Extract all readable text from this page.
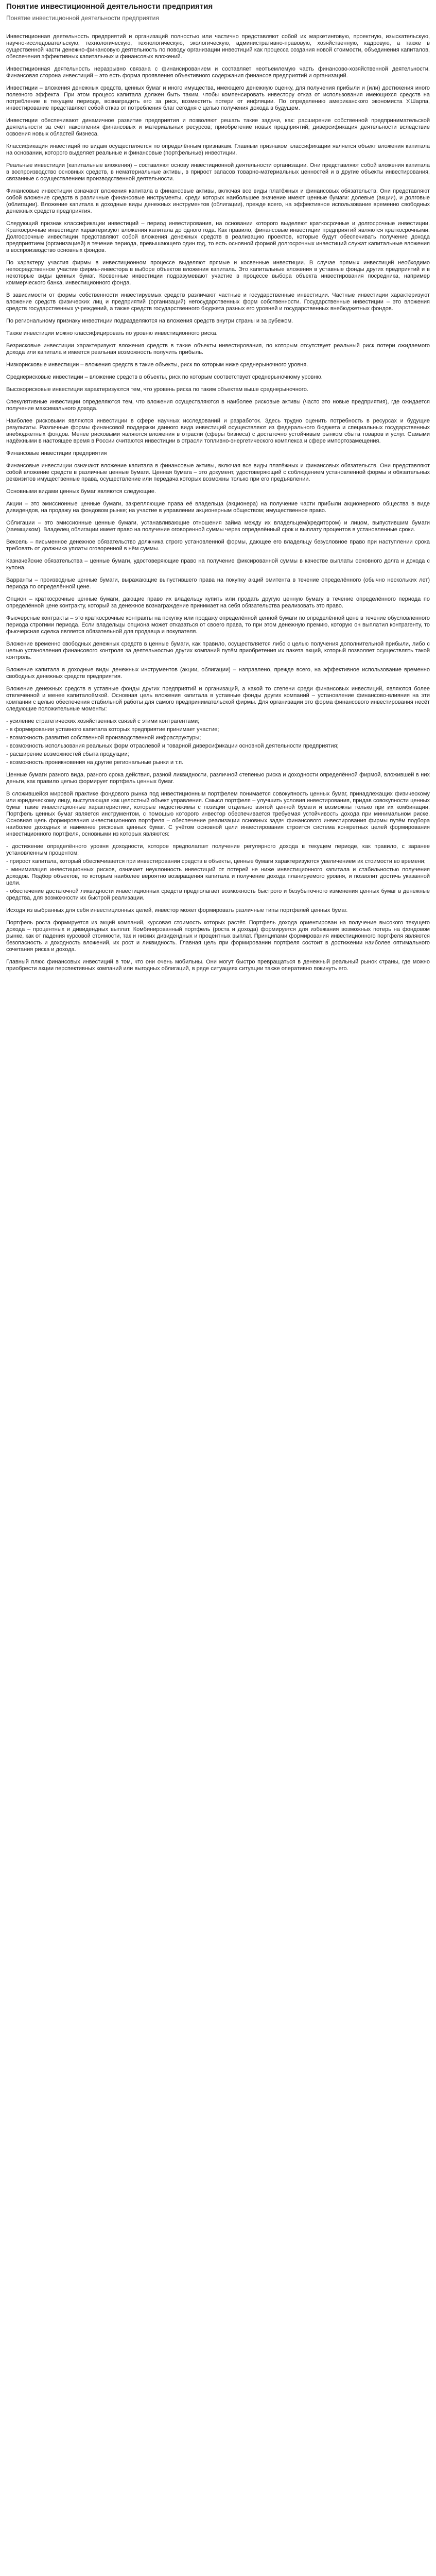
Понятие инвестиционной деятельности предприятия
Понятие инвестиционной деятельности предприятия

Инвестиционная деятельность предприятий и организаций полностью или частично представляют собой их маркетинговую, проектную, изыскательскую, научно-исследовательскую, технологическую, технологическую, экологическую, административно-правовую, хозяйственную, кадровую, а также в существенной части денежно-финансовую деятельность по поводу организации инвестиций как процесса создания новой стоимости, объединения капиталов, обеспечения эффективных капитальных и финансовых вложений.

Инвестиционная деятельность неразрывно связана с финансированием и составляет неотъемлемую часть финансово-хозяйственной деятельности. Финансовая сторона инвестиций – это есть форма проявления объективного содержания финансов предприятий и организаций.

Инвестиции – вложения денежных средств, ценных бумаг и иного имущества, имеющего денежную оценку, для получения прибыли и (или) достижения иного полезного эффекта. При этом процесс капитала должен быть таким, чтобы компенсировать инвестору отказ от использования имеющихся средств на потребление в текущем периоде, вознаградить его за риск, возместить потери от инфляции. По определению американского экономиста У.Шарпа, инвестирование представляет собой отказ от потребления благ сегодня с целью получения дохода в будущем.

Инвестиции обеспечивают динамичное развитие предприятия и позволяют решать такие задачи, как: расширение собственной предпринимательской деятельности за счёт накопления финансовых и материальных ресурсов; приобретение новых предприятий; диверсификация деятельности вследствие освоения новых областей бизнеса.

Классификация инвестиций по видам осуществляется по определённым признакам. Главным признаком классификации является объект вложения капитала на основании, которого выделяет реальные и финансовые (портфельные) инвестиции.

Реальные инвестиции (капитальные вложения) – составляют основу инвестиционной деятельности организации. Они представляют собой вложения капитала в воспроизводство основных средств, в нематериальные активы, в прирост запасов товарно-материальных ценностей и в другие объекты инвестирования, связанные с осуществлением производственной деятельности.

Финансовые инвестиции означают вложения капитала в финансовые активы, включая все виды платёжных и финансовых обязательств. Они представляют собой вложение средств в различные финансовые инструменты, среди которых наибольшее значение имеют ценные бумаги: долевые (акции), и долговые (облигации). Вложение капитала в доходные виды денежных инструментов (облигации), прежде всего, на эффективное использование временно свободных денежных средств предприятия.

Следующий признак классификации инвестиций – период инвестирования, на основании которого выделяют краткосрочные и долгосрочные инвестиции. Краткосрочные инвестиции характеризуют вложения капитала до одного года. Как правило, финансовые инвестиции предприятий являются краткосрочными. Долгосрочные инвестиции представляют собой вложения денежных средств в реализацию проектов, которые будут обеспечивать получение дохода предприятием (организацией) в течение периода, превышающего один год, то есть основной формой долгосрочных инвестиций служат капитальные вложения в воспроизводство основных фондов.

По характеру участия фирмы в инвестиционном процессе выделяют прямые и косвенные инвестиции. В случае прямых инвестиций необходимо непосредственное участие фирмы-инвестора в выборе объектов вложения капитала. Это капитальные вложения в уставные фонды других предприятий и в некоторые виды ценных бумаг. Косвенные инвестиции подразумевают участие в процессе выбора объекта инвестирования посредника, например коммерческого банка, инвестиционного фонда.

В зависимости от формы собственности инвестируемых средств различают частные и государственные инвестиции. Частные инвестиции характеризуют вложение средств физических лиц и предприятий (организаций) негосударственных форм собственности. Государственные инвестиции – это вложения средств государственных учреждений, а также средств государственного бюджета разных его уровней и государственных внебюджетных фондов.

По региональному признаку инвестиции подразделяются на вложения средств внутри страны и за рубежом.

Также инвестиции можно классифицировать по уровню инвестиционного риска.

Безрисковые инвестиции характеризуют вложения средств в такие объекты инвестирования, по которым отсутствует реальный риск потери ожидаемого дохода или капитала и имеется реальная возможность получить прибыль.

Низкорисковые инвестиции – вложения средств в такие объекты, риск по которым ниже среднерыночного уровня.

Среднерисковые инвестиции – вложение средств в объекты, риск по которым соответствует среднерыночному уровню.

Высокорисковые инвестиции характеризуются тем, что уровень риска по таким объектам выше среднерыночного.

Спекулятивные инвестиции определяются тем, что вложения осуществляются в наиболее рисковые активы (часто это новые предприятия), где ожидается получение максимального дохода.

Наиболее рисковыми являются инвестиции в сфере научных исследований и разработок. Здесь трудно оценить потребность в ресурсах и будущие результаты. Различные формы финансовой поддержки данного вида инвестиций осуществляют из федерального бюджета и специальных государственных внебюджетных фондов. Менее рисковыми являются вложения в отрасли (сферы бизнеса) с достаточно устойчивым рынком сбыта товаров и услуг. Самыми надёжными в настоящее время в России считаются инвестиции в отрасли топливно-энергетического комплекса и сфере импортозамещения.

Финансовые инвестиции предприятия

Финансовые инвестиции означают вложение капитала в финансовые активы, включая все виды платёжных и финансовых обязательств. Они представляют собой вложение средств в различные ценные бумаги. Ценная бумага – это документ, удостоверяющий с соблюдением установленной формы и обязательных реквизитов имущественные права, осуществление или передача которых возможны только при его предъявлении.

Основными видами ценных бумаг являются следующие.

Акции – это эмиссионные ценные бумаги, закрепляющие права её владельца (акционера) на получение части прибыли акционерного общества в виде дивидендов, на продажу на фондовом рынке; на участие в управлении акционерным обществом; имущественное право.

Облигации – это эмиссионные ценные бумаги, устанавливающие отношения займа между их владельцем(кредитором) и лицом, выпустившим бумаги (заемщиком). Владелец облигации имеет право на получение оговоренной суммы через определённый срок и выплату процентов в установленные сроки.

Вексель – письменное денежное обязательство должника строго установленной формы, дающее его владельцу безусловное право при наступлении срока требовать от должника уплаты оговоренной в нём суммы.

Казначейские обязательства – ценные бумаги, удостоверяющие право на получение фиксированной суммы в качестве выплаты основного долга и дохода с купона.

Варранты – производные ценные бумаги, выражающие выпустившего права на покупку акций эмитента в течение определённого (обычно нескольких лет) периода по определённой цене.

Опцион – краткосрочные ценные бумаги, дающие право их владельцу купить или продать другую ценную бумагу в течение определённого периода по определённой цене контракту, который за денежное вознаграждение принимает на себя обязательства реализовать это право.

Фьючерсные контракты – это краткосрочные контракты на покупку или продажу определённой ценной бумаги по определённой цене в течение обусловленного периода строгими периода. Если владельцы опциона может отказаться от своего права, то при этом денежную премию, которую он выплатил контрагенту, то фьючерсная сделка является обязательной для продавца и покупателя.

Вложение временно свободных денежных средств в ценные бумаги, как правило, осуществляется либо с целью получения дополнительной прибыли, либо с целью установления финансового контроля за деятельностью других компаний путём приобретения их пакета акций, который позволяет осуществлять такой контроль.

Вложение капитала в доходные виды денежных инструментов (акции, облигации) – направлено, прежде всего, на эффективное использование временно свободных денежных средств предприятия.

Вложение денежных средств в уставные фонды других предприятий и организаций, а какой то степени среди финансовых инвестиций, являются более отвлечённой и менее капиталоёмкой. Основная цель вложения капитала в уставные фонды других компаний – установление финансово-влияния на эти компании с целью обеспечения стабильной работы для самого предпринимательской фирмы. Для организации это форма финансового инвестирования несёт следующие положительные моменты:

- усиление стратегических хозяйственных связей с этими контрагентами;
- в формировании уставного капитала которых предприятие принимает участие;
- возможность развития собственной производственной инфраструктуры;
- возможность использования реальных форм отраслевой и товарной диверсификации основной деятельности предприятия;
- расширение возможностей сбыта продукции;
- возможность проникновения на другие региональные рынки и т.п.

Ценные бумаги разного вида, разного срока действия, разной ликвидности, различной степенью риска и доходности определённой фирмой, вложившей в них деньги, как правило целью формирует портфель ценных бумаг.

В сложившейся мировой практике фондового рынка под инвестиционным портфелем понимается совокупность ценных бумаг, принадлежащих физическому или юридическому лицу, выступающая как целостный объект управления. Смысл портфеля – улучшить условия инвестирования, придав совокупности ценных бумаг такие инвестиционные характеристики, которые недостижимы с позиции отдельно взятой ценной бумаги и возможны только при их комбинации. Портфель ценных бумаг является инструментом, с помощью которого инвестор обеспечивается требуемая устойчивость дохода при минимальном риске. Основная цель формирования инвестиционного портфеля – обеспечение реализации основных задач финансового инвестирования фирмы путём подбора наиболее доходных и наименее рисковых ценных бумаг. С учётом основной цели инвестирования строится система конкретных целей формирования инвестиционного портфеля, основными из которых являются:

- достижение определённого уровня доходности, которое предполагает получение регулярного дохода в текущем периоде, как правило, с заранее установленным процентом;
- прирост капитала, который обеспечивается при инвестировании средств в объекты, ценные бумаги характеризуются увеличением их стоимости во времени;
- минимизация инвестиционных рисков, означает неуклонность инвестиций от потерей не ниже инвестиционного капитала и стабильностью получения доходов. Подбор объектов, по которым наиболее вероятно возвращения капитала и получение дохода планируемого уровня, и позволит достичь указанной цели.
- обеспечение достаточной ликвидности инвестиционных средств предполагает возможность быстрого и безубыточного изменения ценных бумаг в денежные средства, для возможности их быстрой реализации.

Исходя из выбранных для себя инвестиционных целей, инвестор может формировать различные типы портфелей ценных бумаг.

Портфель роста формируется из акций компаний, курсовая стоимость которых растёт. Портфель дохода ориентирован на получение высокого текущего дохода – процентных и дивидендных выплат. Комбинированный портфель (роста и дохода) формируется для избежания возможных потерь на фондовом рынке, как от падения курсовой стоимости, так и низких дивидендных и процентных выплат. Принципами формирования инвестиционного портфеля являются безопасность и доходность вложений, их рост и ликвидность. Главная цель при формировании портфеля состоит в достижении наиболее оптимального сочетания риска и дохода.

Главный плюс финансовых инвестиций в том, что они очень мобильны. Они могут быстро превращаться в денежный реальный рынок страны, где можно приобрести акции перспективных компаний или выгодных облигаций, в ряде ситуациях ситуации также оперативно покинуть его.
